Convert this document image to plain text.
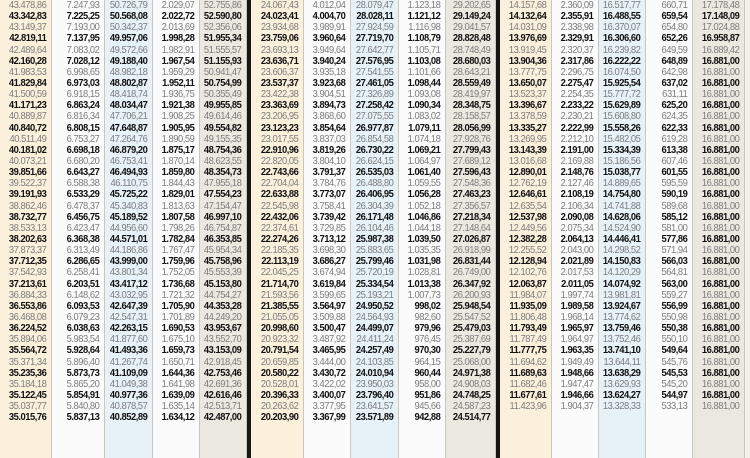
43.478,86
43.342,83
43.149,37
42.819,11
42.489,64
42.160,28
41.983,53
41.829,84
41.500,59
41.171,23
40.889,87
40.840,72
40.511,49
40.181,02
40.073,21
39.851,66
39.522,37
39.191,93
38.862,46
38.732,77
38.533,13
38.202,63
37.873,37
37.712,35
37.542,93
37.213,61
36.884,33
36.553,86
36.468,08
36.224,52
35.894,06
35.564,72
35.371,34
35.235,36
35.184,18
35.122,45
35.037,77
35.015,76
7.247,93
7.225,25
7.193,00
7.137,95
7.083,02
7.028,12
6.998,65
6.973,03
6.918,15
6.863,24
6.816,34
6.808,15
6.753,27
6.698,18
6.680,20
6.643,27
6.588,38
6.533,29
6.478,37
6.456,75
6.423,47
6.368,38
6.313,49
6.286,65
6.258,41
6.203,51
6.148,62
6.093,53
6.079,23
6.038,63
5.983,54
5.928,64
5.896,40
5.873,73
5.865,20
5.854,91
5.840,80
5.837,13
50.726,79
50.568,08
50.342,37
49.957,06
49.572,66
49.188,40
48.982,18
48.802,87
48.418,74
48.034,47
47.706,21
47.648,87
47.264,76
46.879,20
46.753,41
46.494,93
46.110,75
45.725,22
45.340,83
45.189,52
44.956,60
44.571,01
44.186,86
43.999,00
43.801,34
43.417,12
43.032,95
42.647,39
42.547,31
42.263,15
41.877,60
41.493,36
41.267,74
41.109,09
41.049,38
40.977,36
40.878,57
40.852,89
2.029,07
2.022,72
2.013,69
1.998,28
1.982,91
1.967,54
1.959,29
1.952,11
1.936,75
1.921,38
1.908,25
1.905,95
1.890,59
1.875,17
1.870,14
1.859,80
1.844,43
1.829,01
1.813,63
1.807,58
1.798,26
1.782,84
1.767,47
1.759,96
1.752,05
1.736,68
1.721,32
1.705,90
1.701,89
1.690,53
1.675,10
1.659,73
1.650,71
1.644,36
1.641,98
1.639,09
1.635,14
1.634,12
52.755,86
52.590,80
52.356,06
51.955,34
51.555,57
51.155,93
50.941,47
50.754,99
50.355,49
49.955,85
49.614,46
49.554,82
49.155,35
48.754,36
48.623,55
48.354,73
47.955,18
47.554,23
47.154,47
46.997,10
46.754,87
46.353,85
45.954,34
45.758,96
45.553,39
45.153,80
44.754,27
44.353,28
44.249,20
43.953,67
43.552,70
43.153,09
42.918,45
42.753,46
42.691,36
42.616,46
42.513,71
42.487,00
24.067,43
24.023,41
23.934,68
23.759,06
23.693,13
23.636,71
23.606,37
23.537,37
23.422,38
23.363,69
23.206,95
23.123,23
23.017,55
22.910,96
22.820,05
22.743,66
22.704,04
22.633,88
22.545,98
22.432,06
22.374,61
22.274,26
22.185,35
22.113,19
22.045,25
21.714,70
21.593,56
21.385,55
21.055,05
20.998,60
20.923,32
20.791,54
20.659,85
20.580,22
20.528,01
20.396,33
20.263,62
20.203,90
4.012,04
4.004,70
3.989,91
3.960,64
3.949,64
3.940,24
3.935,18
3.923,68
3.904,51
3.894,73
3.868,60
3.854,64
3.837,03
3.819,26
3.804,10
3.791,37
3.784,76
3.773,07
3.758,41
3.739,42
3.729,85
3.713,12
3.698,30
3.686,27
3.674,94
3.619,84
3.599,65
3.564,97
3.509,88
3.500,47
3.487,92
3.465,95
3.444,00
3.430,72
3.422,02
3.400,07
3.377,95
3.367,99
28.079,47
28.028,11
27.924,59
27.719,70
27.642,77
27.576,95
27.541,55
27.461,05
27.326,89
27.258,42
27.075,55
26.977,87
26.854,58
26.730,22
26.624,15
26.535,03
26.488,80
26.406,95
26.304,39
26.171,48
26.104,46
25.987,38
25.883,65
25.799,46
25.720,19
25.334,54
25.193,21
24.950,52
24.564,93
24.499,07
24.411,24
24.257,49
24.103,85
24.010,94
23.950,03
23.796,40
23.641,57
23.571,89
1.123,18
1.121,12
1.116,98
1.108,79
1.105,71
1.103,08
1.101,66
1.098,44
1.093,08
1.090,34
1.083,02
1.079,11
1.074,18
1.069,21
1.064,97
1.061,40
1.059,55
1.056,28
1.052,18
1.046,86
1.044,18
1.039,50
1.035,35
1.031,98
1.028,81
1.013,38
1.007,73
998,02
982,60
979,96
976,45
970,30
964,15
960,44
958,00
951,86
945,66
942,88
29.202,65
29.149,24
29.041,57
28.828,48
28.748,49
28.680,03
28.643,21
28.559,49
28.419,97
28.348,75
28.158,57
28.056,99
27.928,76
27.799,43
27.689,12
27.596,43
27.548,36
27.463,23
27.356,57
27.218,34
27.148,64
27.026,87
26.918,99
26.831,44
26.749,00
26.347,92
26.200,93
25.948,54
25.547,52
25.479,03
25.387,69
25.227,79
25.068,00
24.971,38
24.908,03
24.748,25
24.587,23
24.514,77
14.157,68
14.132,64
14.031,09
13.976,69
13.919,45
13.904,36
13.777,75
13.650,07
13.523,37
13.396,67
13.378,59
13.335,27
13.269,95
13.143,39
13.016,68
12.890,01
12.762,19
12.646,61
12.635,54
12.537,98
12.449,56
12.382,28
12.255,52
12.128,94
12.102,76
12.063,87
11.984,07
11.935,09
11.806,48
11.793,49
11.787,49
11.777,75
11.694,62
11.689,63
11.682,46
11.677,61
11.423,96
2.360,09
2.355,91
2.338,98
2.329,91
2.320,37
2.317,86
2.296,75
2.275,47
2.254,35
2.233,22
2.230,21
2.222,99
2.212,10
2.191,00
2.169,88
2.148,76
2.127,46
2.108,19
2.106,34
2.090,08
2.075,34
2.064,13
2.043,00
2.021,89
2.017,53
2.011,05
1.997,74
1.989,58
1.968,14
1.965,97
1.964,97
1.963,35
1.949,49
1.948,66
1.947,47
1.946,66
1.904,37
16.517,77
16.488,55
16.370,07
16.306,60
16.239,82
16.222,22
16.074,50
15.925,54
15.777,72
15.629,89
15.608,80
15.558,26
15.482,05
15.334,39
15.186,56
15.038,77
14.889,65
14.754,80
14.741,88
14.628,06
14.524,90
14.446,41
14.298,52
14.150,83
14.120,29
14.074,92
13.981,81
13.924,67
13.774,62
13.759,46
13.752,46
13.741,10
13.644,11
13.638,29
13.629,93
13.624,27
13.328,33
660,71
659,54
654,80
652,26
649,59
648,89
642,98
637,02
631,11
625,20
624,35
622,33
619,28
613,38
607,46
601,55
595,59
590,19
589,68
585,12
581,00
577,86
571,94
566,03
564,81
563,00
559,27
556,99
550,98
550,38
550,10
549,64
545,76
545,53
545,20
544,97
533,13
17.178,48
17.148,09
17.024,88
16.958,87
16.889,42
16.881,00
16.881,00
16.881,00
16.881,00
16.881,00
16.881,00
16.881,00
16.881,00
16.881,00
16.881,00
16.881,00
16.881,00
16.881,00
16.881,00
16.881,00
16.881,00
16.881,00
16.881,00
16.881,00
16.881,00
16.881,00
16.881,00
16.881,00
16.881,00
16.881,00
16.881,00
16.881,00
16.881,00
16.881,00
16.881,00
16.881,00
16.881,00
